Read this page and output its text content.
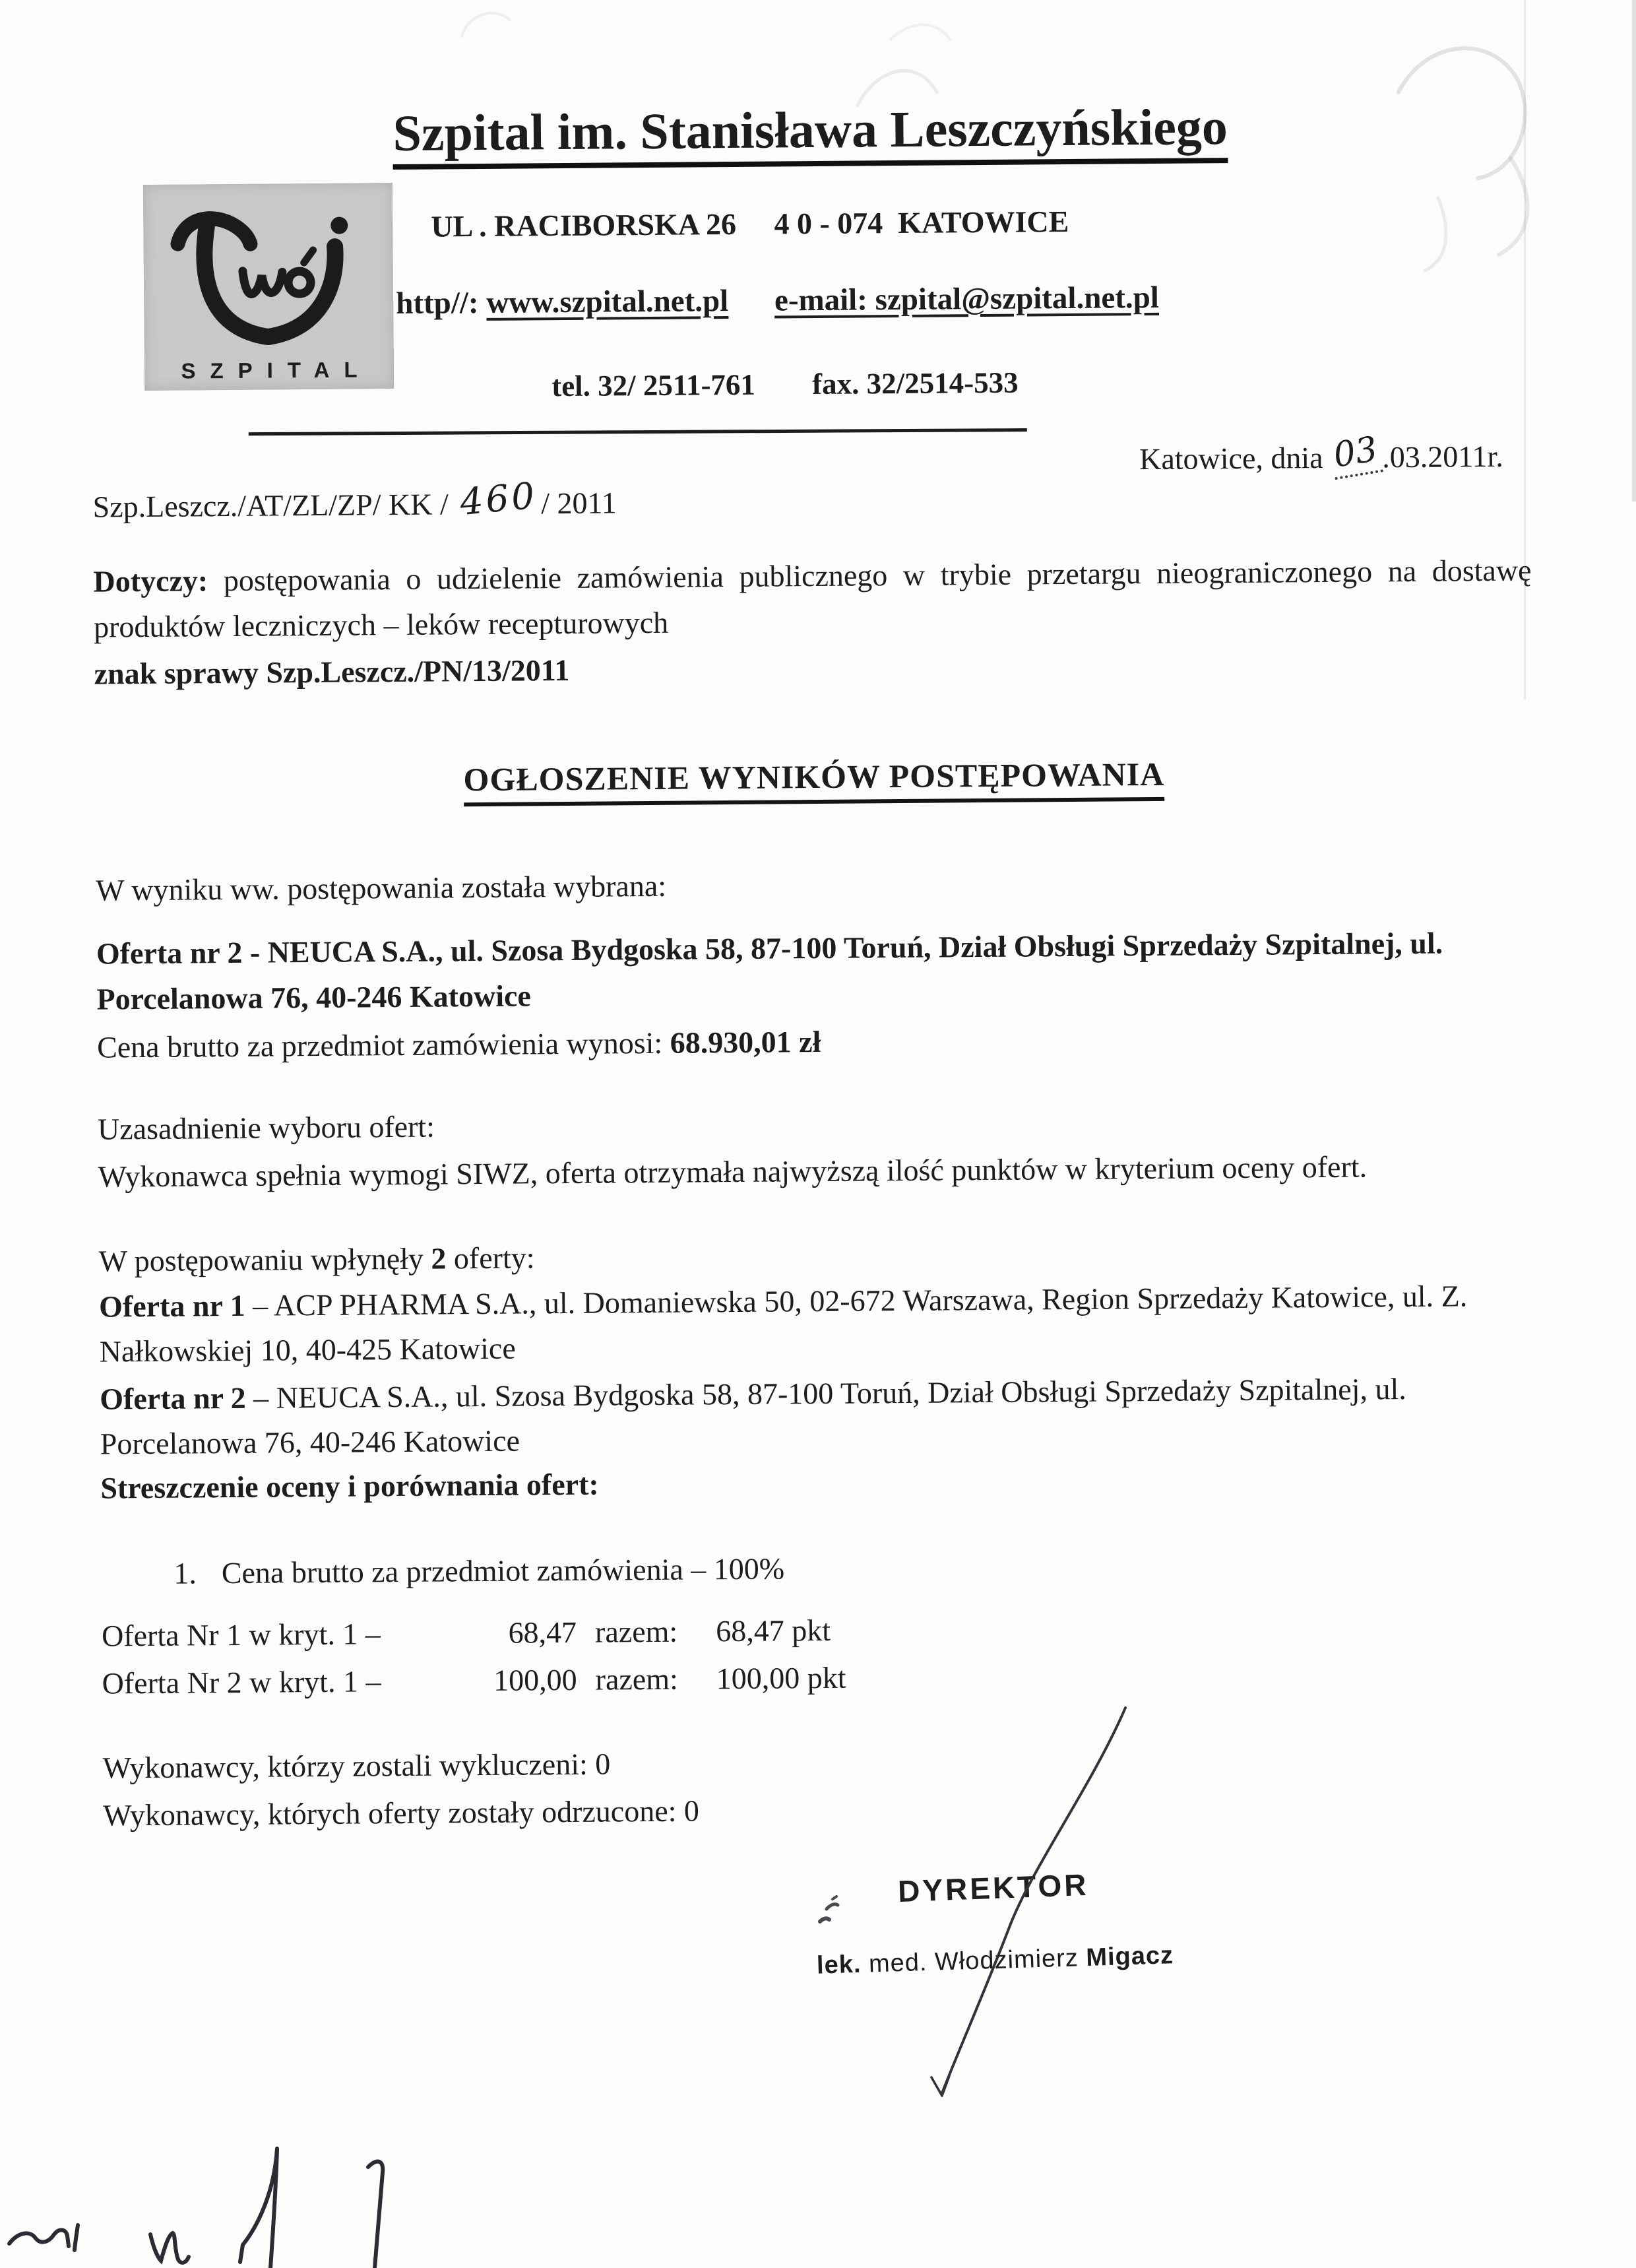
Szpital im. Stanisława Leszczyńskiego
SZPITAL
UL . RACIBORSKA 26     4 0 - 074  KATOWICE
http//: www.szpital.net.pl e-mail: szpital@szpital.net.pl
tel. 32/ 2511-761 fax. 32/2514-533
Katowice, dnia 03.03.2011r.
Szp.Leszcz./AT/ZL/ZP/ KK / 460/ 2011

Dotyczy: postępowania o udzielenie zamówienia publicznego w trybie przetargu nieograniczonego na dostawę produktów leczniczych – leków recepturowych

znak sprawy Szp.Leszcz./PN/13/2011

OGŁOSZENIE WYNIKÓW POSTĘPOWANIA

W wyniku ww. postępowania została wybrana:

Oferta nr 2 - NEUCA S.A., ul. Szosa Bydgoska 58, 87-100 Toruń, Dział Obsługi Sprzedaży Szpitalnej, ul. Porcelanowa 76, 40-246 Katowice

Cena brutto za przedmiot zamówienia wynosi: 68.930,01 zł

Uzasadnienie wyboru ofert:

Wykonawca spełnia wymogi SIWZ, oferta otrzymała najwyższą ilość punktów w kryterium oceny ofert.

W postępowaniu wpłynęły 2 oferty:

Oferta nr 1 – ACP PHARMA S.A., ul. Domaniewska 50, 02-672 Warszawa, Region Sprzedaży Katowice, ul. Z. Nałkowskiej 10, 40-425 Katowice

Oferta nr 2 – NEUCA S.A., ul. Szosa Bydgoska 58, 87-100 Toruń, Dział Obsługi Sprzedaży Szpitalnej, ul. Porcelanowa 76, 40-246 Katowice

Streszczenie oceny i porównania ofert:

1. Cena brutto za przedmiot zamówienia – 100%
Oferta Nr 1 w kryt. 1 –	68,47 razem: 68,47 pkt
Oferta Nr 2 w kryt. 1 –	100,00 razem: 100,00 pkt

Wykonawcy, którzy zostali wykluczeni: 0

Wykonawcy, których oferty zostały odrzucone: 0

DYREKTOR
lek. med. Włodzimierz Migacz
